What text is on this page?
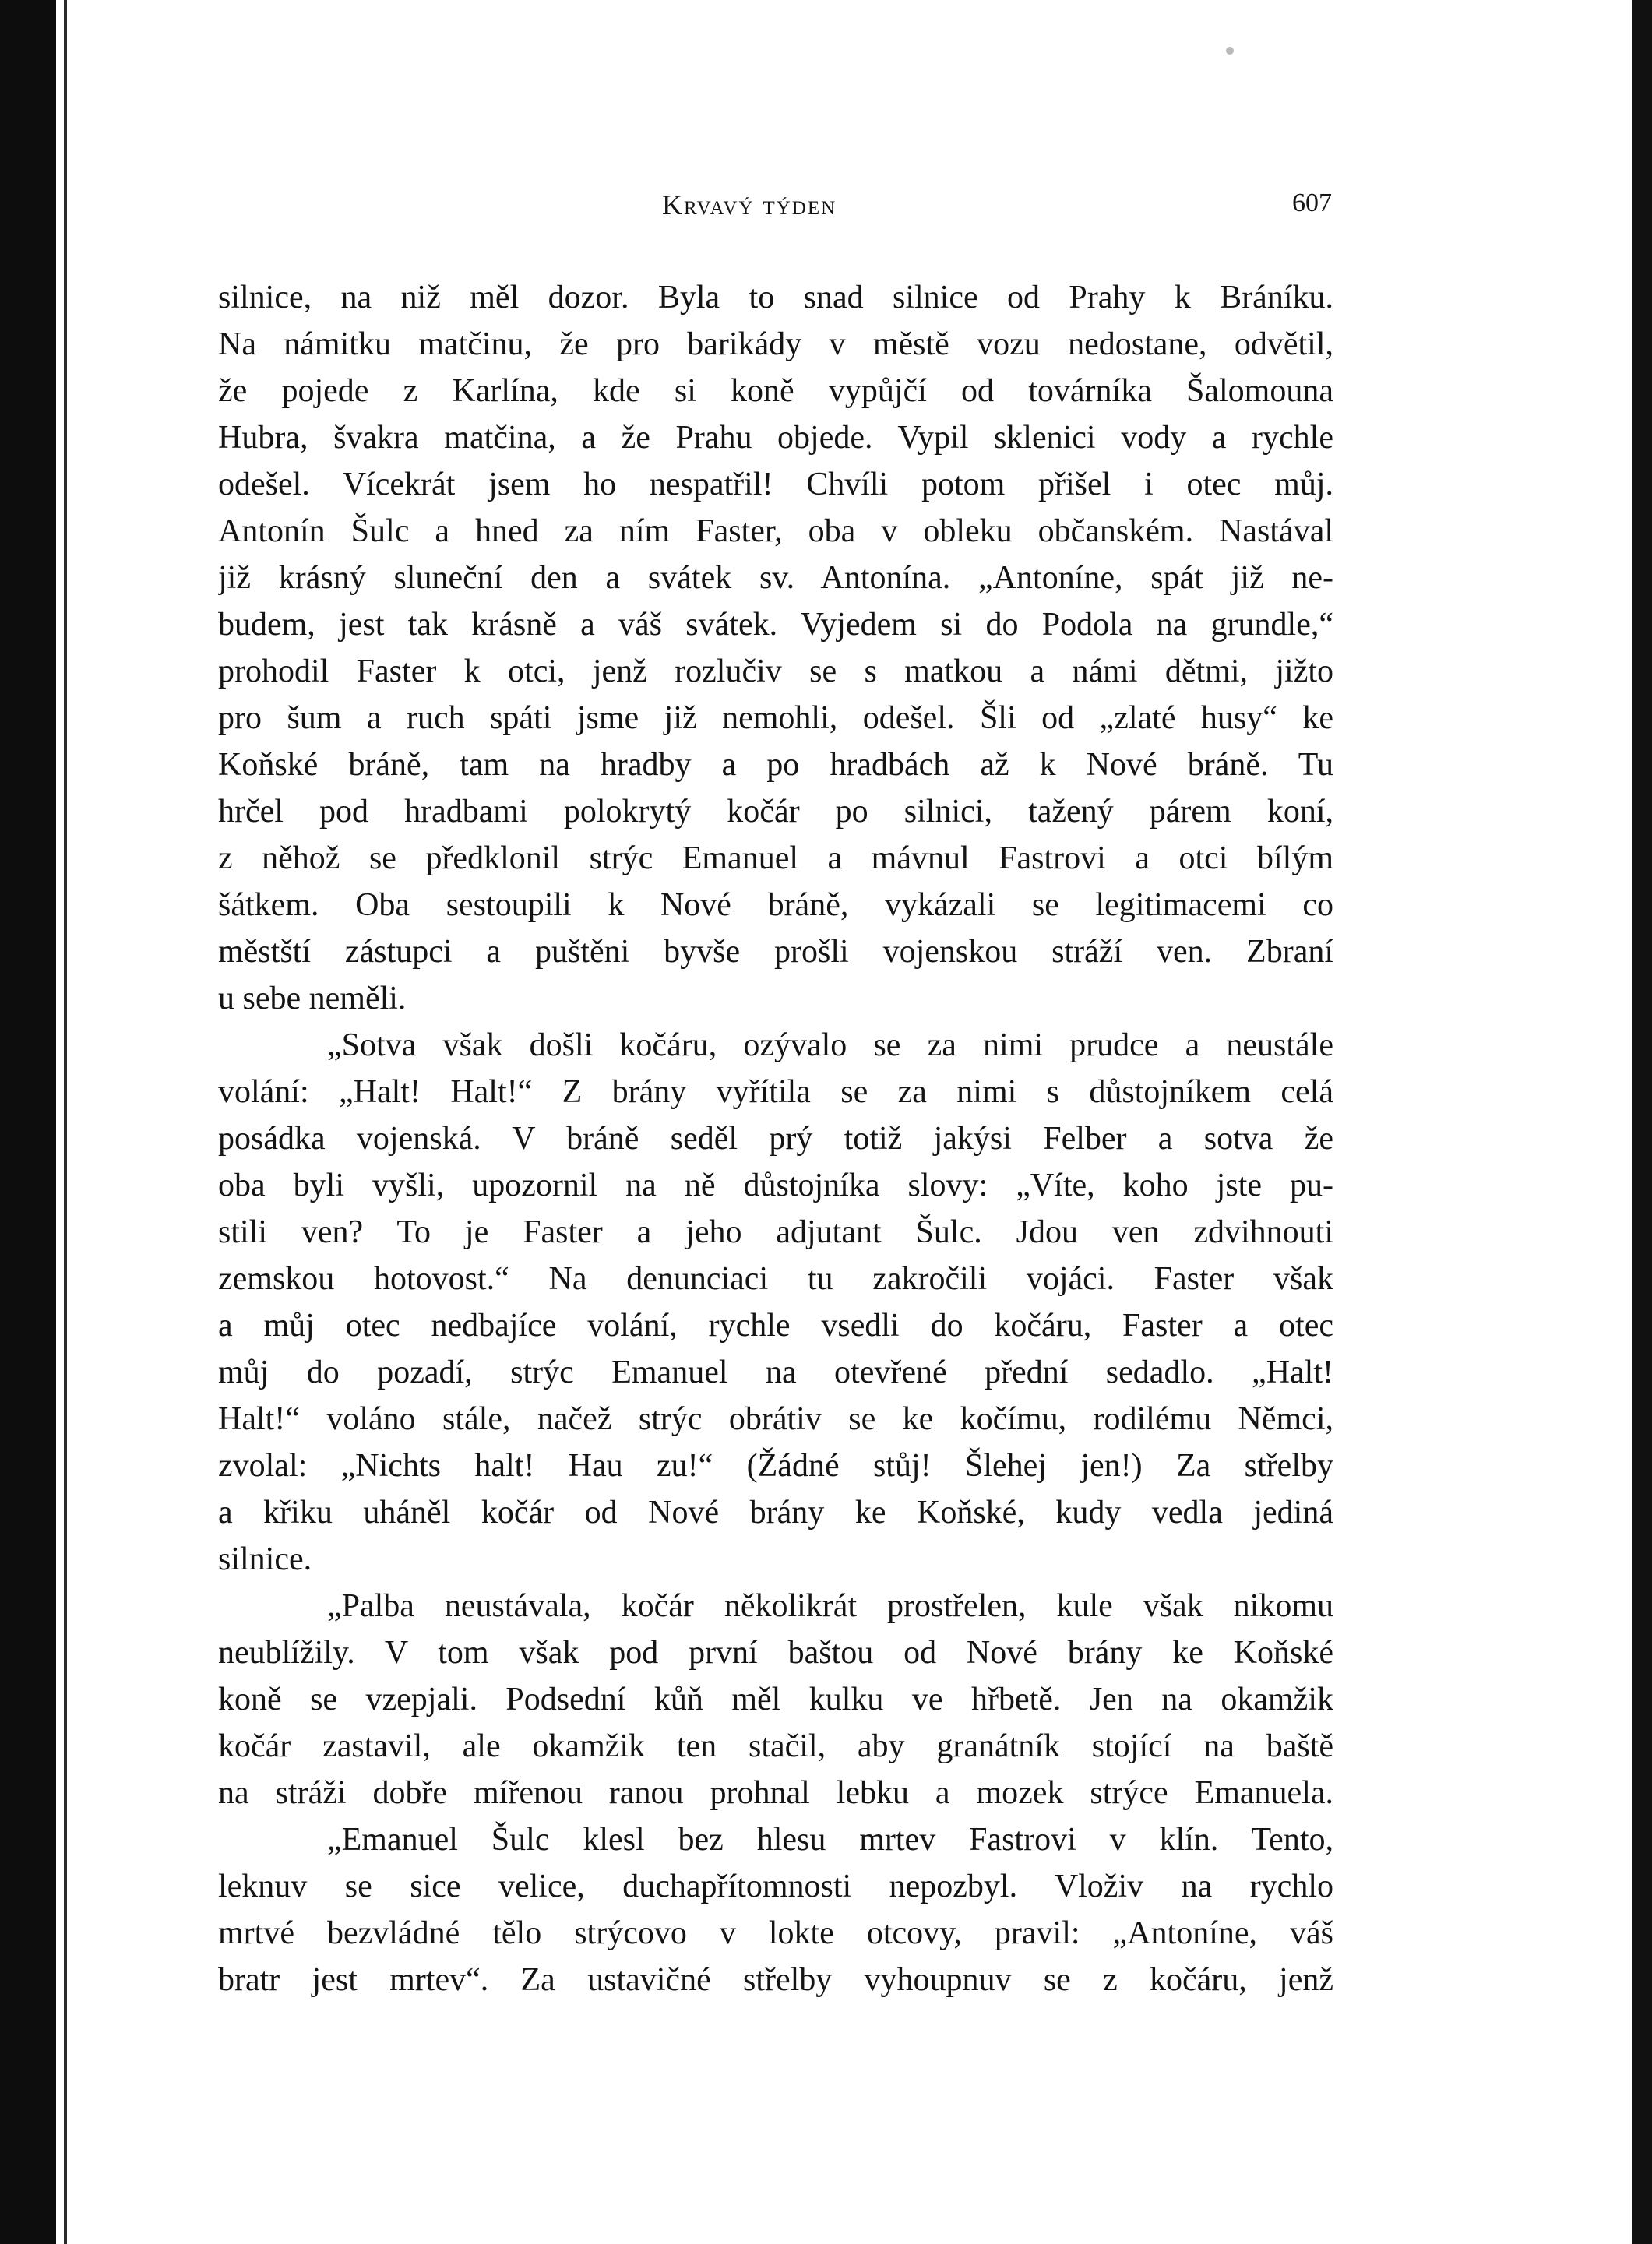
Krvavý týden	607
silnice, na niž měl dozor. Byla to snad silnice od Prahy k Bráníku.
Na námitku matčinu, že pro barikády v městě vozu nedostane, odvětil,
že pojede z Karlína, kde si koně vypůjčí od továrníka Šalomouna
Hubra, švakra matčina, a že Prahu objede. Vypil sklenici vody a rychle
odešel. Vícekrát jsem ho nespatřil! Chvíli potom přišel i otec můj.
Antonín Šulc a hned za ním Faster, oba v obleku občanském. Nastával
již krásný sluneční den a svátek sv. Antonína. „Antoníne, spát již ne-
budem, jest tak krásně a váš svátek. Vyjedem si do Podola na grundle,“
prohodil Faster k otci, jenž rozlučiv se s matkou a námi dětmi, jižto
pro šum a ruch spáti jsme již nemohli, odešel. Šli od „zlaté husy“ ke
Koňské bráně, tam na hradby a po hradbách až k Nové bráně. Tu
hrčel pod hradbami polokrytý kočár po silnici, tažený párem koní,
z něhož se předklonil strýc Emanuel a mávnul Fastrovi a otci bílým
šátkem. Oba sestoupili k Nové bráně, vykázali se legitimacemi co
městští zástupci a puštěni byvše prošli vojenskou stráží ven. Zbraní
u sebe neměli.
„Sotva však došli kočáru, ozývalo se za nimi prudce a neustále
volání: „Halt! Halt!“ Z brány vyřítila se za nimi s důstojníkem celá
posádka vojenská. V bráně seděl prý totiž jakýsi Felber a sotva že
oba byli vyšli, upozornil na ně důstojníka slovy: „Víte, koho jste pu-
stili ven? To je Faster a jeho adjutant Šulc. Jdou ven zdvihnouti
zemskou hotovost.“ Na denunciaci tu zakročili vojáci. Faster však
a můj otec nedbajíce volání, rychle vsedli do kočáru, Faster a otec
můj do pozadí, strýc Emanuel na otevřené přední sedadlo. „Halt!
Halt!“ voláno stále, načež strýc obrátiv se ke kočímu, rodilému Němci,
zvolal: „Nichts halt! Hau zu!“ (Žádné stůj! Šlehej jen!) Za střelby
a křiku uháněl kočár od Nové brány ke Koňské, kudy vedla jediná
silnice.
„Palba neustávala, kočár několikrát prostřelen, kule však nikomu
neublížily. V tom však pod první baštou od Nové brány ke Koňské
koně se vzepjali. Podsední kůň měl kulku ve hřbetě. Jen na okamžik
kočár zastavil, ale okamžik ten stačil, aby granátník stojící na baště
na stráži dobře mířenou ranou prohnal lebku a mozek strýce Emanuela.
„Emanuel Šulc klesl bez hlesu mrtev Fastrovi v klín. Tento,
leknuv se sice velice, duchapřítomnosti nepozbyl. Vloživ na rychlo
mrtvé bezvládné tělo strýcovo v lokte otcovy, pravil: „Antoníne, váš
bratr jest mrtev“. Za ustavičné střelby vyhoupnuv se z kočáru, jenž
